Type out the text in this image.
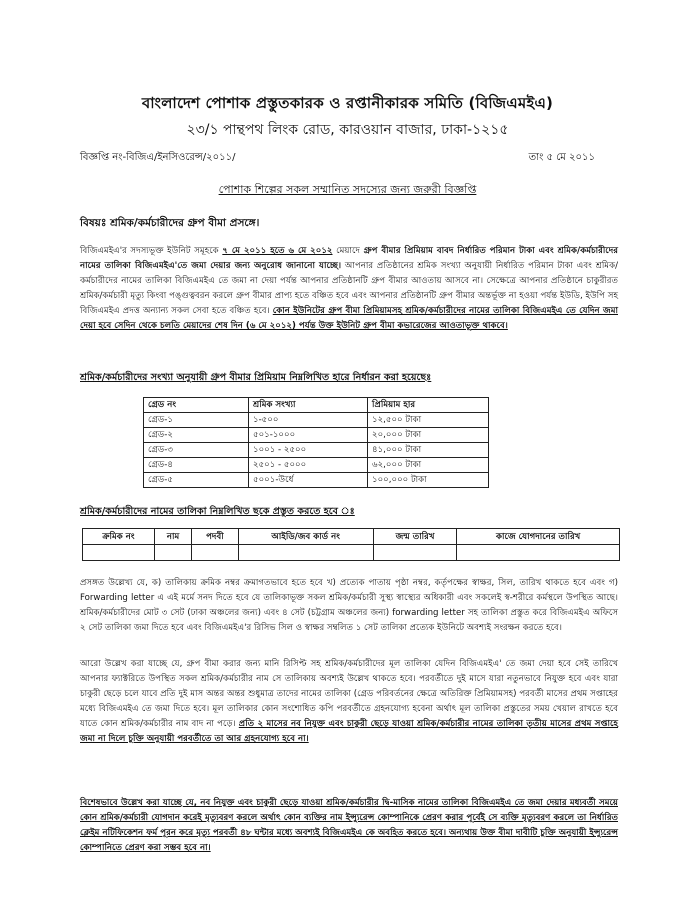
বাংলাদেশ পোশাক প্রস্তুতকারক ও রপ্তানীকারক সমিতি (বিজিএমইএ)
২৩/১ পান্থপথ লিংক রোড, কারওয়ান বাজার, ঢাকা-১২১৫
বিজ্ঞপ্তি নং-বিজিএ/ইনসিওরেন্স/২০১১/	তাং ৫ মে ২০১১
পোশাক শিল্পের সকল সম্মানিত সদস্যের জন্য জরুরী বিজ্ঞপ্তি
বিষয়ঃ শ্রমিক/কর্মচারীদের গ্রুপ বীমা প্রসঙ্গে।
বিজিএমইএ'র সদস্যভূক্ত ইউনিট সমূহকে ৭ মে ২০১১ হতে ৬ মে ২০১২ মেয়াদে গ্রুপ বীমার প্রিমিয়াম বাবদ নির্ধারিত পরিমান টাকা এবং শ্রমিক/কর্মচারীদের নামের তালিকা বিজিএমইএ'তে জমা দেয়ার জন্য অনুরোধ জানানো যাচ্ছে। আপনার প্রতিষ্ঠানের শ্রমিক সংখ্যা অনুযায়ী নির্ধারিত পরিমান টাকা এবং শ্রমিক/কর্মচারীদের নামের তালিকা বিজিএমইএ তে জমা না দেয়া পর্যন্ত আপনার প্রতিষ্ঠানটি গ্রুপ বীমার আওতায় আসবে না। সেক্ষেত্রে আপনার প্রতিষ্ঠানে চাকুরীরত শ্রমিক/কর্মচারী মৃত্যু কিংবা পঙ্গুত্ববরন করলে গ্রুপ বীমার প্রাপ্য হতে বঞ্চিত হবে এবং আপনার প্রতিষ্ঠানটি গ্রুপ বীমার অন্তর্ভূক্ত না হওয়া পর্যন্ত ইউডি, ইউপি সহ বিজিএমইএ প্রদত্ত অন্যান্য সকল সেবা হতে বঞ্চিত হবে। কোন ইউনিটের গ্রুপ বীমা প্রিমিয়ামসহ শ্রমিক/কর্মচারীদের নামের তালিকা বিজিএমইএ তে যেদিন জমা দেয়া হবে সেদিন থেকে চলতি মেয়াদের শেষ দিন (৬ মে ২০১২) পর্যন্ত উক্ত ইউনিট গ্রুপ বীমা কভারেজের আওতাভূক্ত থাকবে।
শ্রমিক/কর্মচারীদের সংখ্যা অনুযায়ী গ্রুপ বীমার প্রিমিয়াম নিম্নলিখিত হারে নির্ধারন করা হয়েছেঃ
গ্রেড নং	শ্রমিক সংখ্যা	প্রিমিয়াম হার
গ্রেড-১	১-৫০০	১২,৫০০ টাকা
গ্রেড-২	৫০১-১০০০	২০,০০০ টাকা
গ্রেড-৩	১০০১ - ২৫০০	৪১,০০০ টাকা
গ্রেড-৪	২৫০১ - ৫০০০	৬২,০০০ টাকা
গ্রেড-৫	৫০০১-উর্ধে	১০০,০০০ টাকা
শ্রমিক/কর্মচারীদের নামের তালিকা নিম্নলিখিত ছকে প্রস্তুত করতে হবে ঃ
ক্রমিক নং	নাম	পদবী	আইডি/জব কার্ড নং	জন্ম তারিখ	কাজে যোগদানের তারিখ

প্রসঙ্গত উল্লেখ্য যে, ক) তালিকায় ক্রমিক নম্বর ক্রমাগতভাবে হতে হবে খ) প্রত্যেক পাতায় পৃষ্ঠা নম্বর, কর্তৃপক্ষের স্বাক্ষর, সিল, তারিখ থাকতে হবে এবং গ) Forwarding letter এ এই মর্মে সনদ দিতে হবে যে তালিকাভূক্ত সকল শ্রমিক/কর্মচারী সুস্থ্য স্বাস্থ্যের অধিকারী এবং সকলেই স্ব-শরীরে কর্মস্থলে উপস্থিত আছে। শ্রমিক/কর্মচারীদের মোট ৩ সেট (ঢাকা অঞ্চলের জন্য) এবং ৪ সেট (চট্টগ্রাম অঞ্চলের জন্য) forwarding letter সহ তালিকা প্রস্তুত করে বিজিএমইএ অফিসে ২ সেট তালিকা জমা দিতে হবে এবং বিজিএমইএ'র রিসিভ সিল ও স্বাক্ষর সম্বলিত ১ সেট তালিকা প্রত্যেক ইউনিটে অবশ্যই সংরক্ষন করতে হবে।
আরো উল্লেখ করা যাচ্ছে যে, গ্রুপ বীমা করার জন্য মানি রিসিপ্ট সহ শ্রমিক/কর্মচারীদের মূল তালিকা যেদিন বিজিএমইএ' তে জমা দেয়া হবে সেই তারিখে আপনার ফ্যাক্টরিতে উপস্থিত সকল শ্রমিক/কর্মচারীর নাম সে তালিকায় অবশ্যই উল্লেখ থাকতে হবে। পরবর্তীতে দুই মাসে যারা নতুনভাবে নিযুক্ত হবে এবং যারা চাকুরী ছেড়ে চলে যাবে প্রতি দুই মাস অন্তর অন্তর শুধুমাত্র তাদের নামের তালিকা (গ্রেড পরিবর্তনের ক্ষেত্রে অতিরিক্ত প্রিমিয়ামসহ) পরবর্তী মাসের প্রথম সপ্তাহের মধ্যে বিজিএমইএ তে জমা দিতে হবে। মূল তালিকার কোন সংশোধিত কপি পরবর্তীতে গ্রহনযোগ্য হবেনা অর্থাৎ মূল তালিকা প্রস্তুতের সময় খেয়াল রাখতে হবে যাতে কোন শ্রমিক/কর্মচারীর নাম বাদ না পড়ে। প্রতি ২ মাসের নব নিযুক্ত এবং চাকুরী ছেড়ে যাওয়া শ্রমিক/কর্মচারীর নামের তালিকা তৃতীয় মাসের প্রথম সপ্তাহে জমা না দিলে চুক্তি অনুযায়ী পরবর্তীতে তা আর গ্রহনযোগ্য হবে না।
বিশেষভাবে উল্লেখ করা যাচ্ছে যে, নব নিযুক্ত এবং চাকুরী ছেড়ে যাওয়া শ্রমিক/কর্মচারীর দ্বি-মাসিক নামের তালিকা বিজিএমইএ তে জমা দেয়ার মধ্যবর্তী সময়ে কোন শ্রমিক/কর্মচারী যোগদান করেই মৃত্যুবরণ করলে অর্থাৎ কোন ব্যক্তির নাম ইন্স্যুরেন্স কোম্পানিকে প্রেরণ করার পূর্বেই সে ব্যক্তি মৃত্যুবরণ করলে তা নির্ধারিত ক্লেইম নটিফিকেশন ফর্ম পূরন করে মৃত্যু পরবর্তী ৪৮ ঘন্টার মধ্যে অবশ্যই বিজিএমইএ কে অবহিত করতে হবে। অন্যথায় উক্ত বীমা দাবীটি চুক্তি অনুযায়ী ইন্স্যুরেন্স কোম্পানিতে প্রেরণ করা সম্ভব হবে না।
